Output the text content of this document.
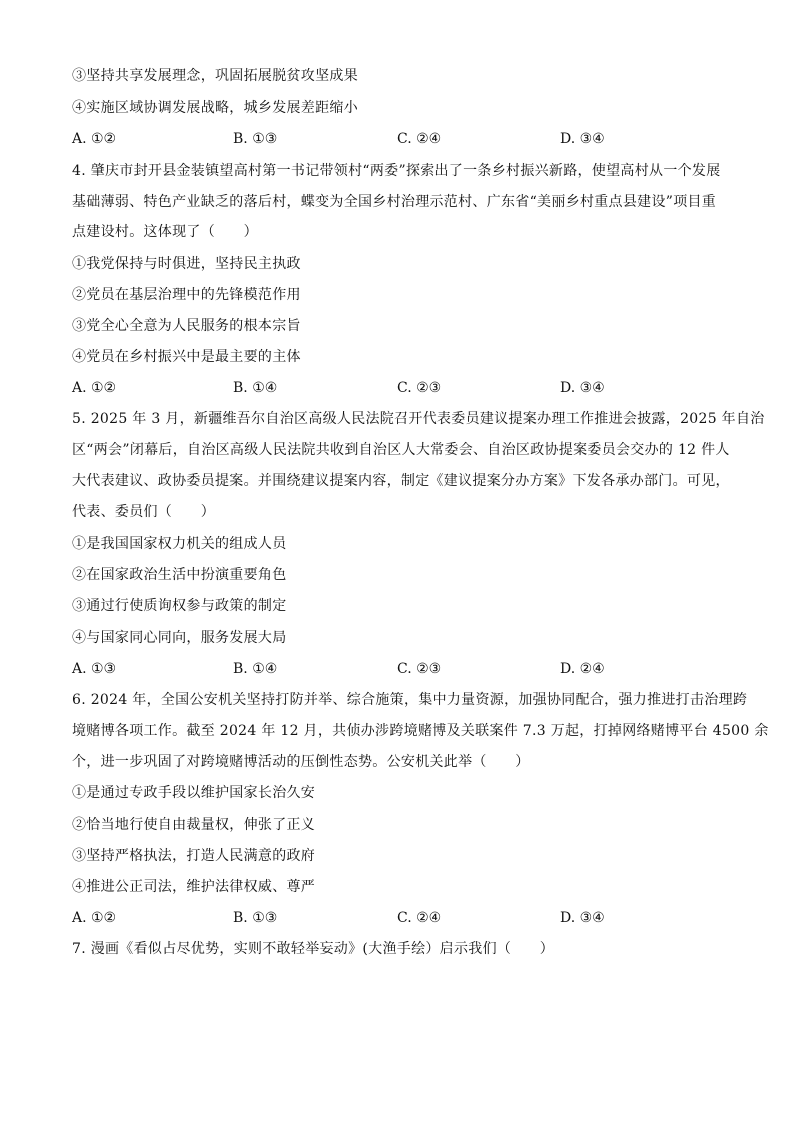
③坚持共享发展理念，巩固拓展脱贫攻坚成果
④实施区域协调发展战略，城乡发展差距缩小
A. ①②	B. ①③	C. ②④	D. ③④
4. 肇庆市封开县金装镇望高村第一书记带领村“两委”探索出了一条乡村振兴新路，使望高村从一个发展
基础薄弱、特色产业缺乏的落后村，蝶变为全国乡村治理示范村、广东省“美丽乡村重点县建设”项目重
点建设村。这体现了（　　）
①我党保持与时俱进，坚持民主执政
②党员在基层治理中的先锋模范作用
③党全心全意为人民服务的根本宗旨
④党员在乡村振兴中是最主要的主体
A. ①②	B. ①④	C. ②③	D. ③④
5. 2025 年 3 月，新疆维吾尔自治区高级人民法院召开代表委员建议提案办理工作推进会披露，2025 年自治
区“两会”闭幕后，自治区高级人民法院共收到自治区人大常委会、自治区政协提案委员会交办的 12 件人
大代表建议、政协委员提案。并围绕建议提案内容，制定《建议提案分办方案》下发各承办部门。可见，
代表、委员们（　　）
①是我国国家权力机关的组成人员
②在国家政治生活中扮演重要角色
③通过行使质询权参与政策的制定
④与国家同心同向，服务发展大局
A. ①③	B. ①④	C. ②③	D. ②④
6. 2024 年，全国公安机关坚持打防并举、综合施策，集中力量资源，加强协同配合，强力推进打击治理跨
境赌博各项工作。截至 2024 年 12 月，共侦办涉跨境赌博及关联案件 7.3 万起，打掉网络赌博平台 4500 余
个，进一步巩固了对跨境赌博活动的压倒性态势。公安机关此举（　　）
①是通过专政手段以维护国家长治久安
②恰当地行使自由裁量权，伸张了正义
③坚持严格执法，打造人民满意的政府
④推进公正司法，维护法律权威、尊严
A. ①②	B. ①③	C. ②④	D. ③④
7. 漫画《看似占尽优势，实则不敢轻举妄动》(大渔手绘）启示我们（　　）
